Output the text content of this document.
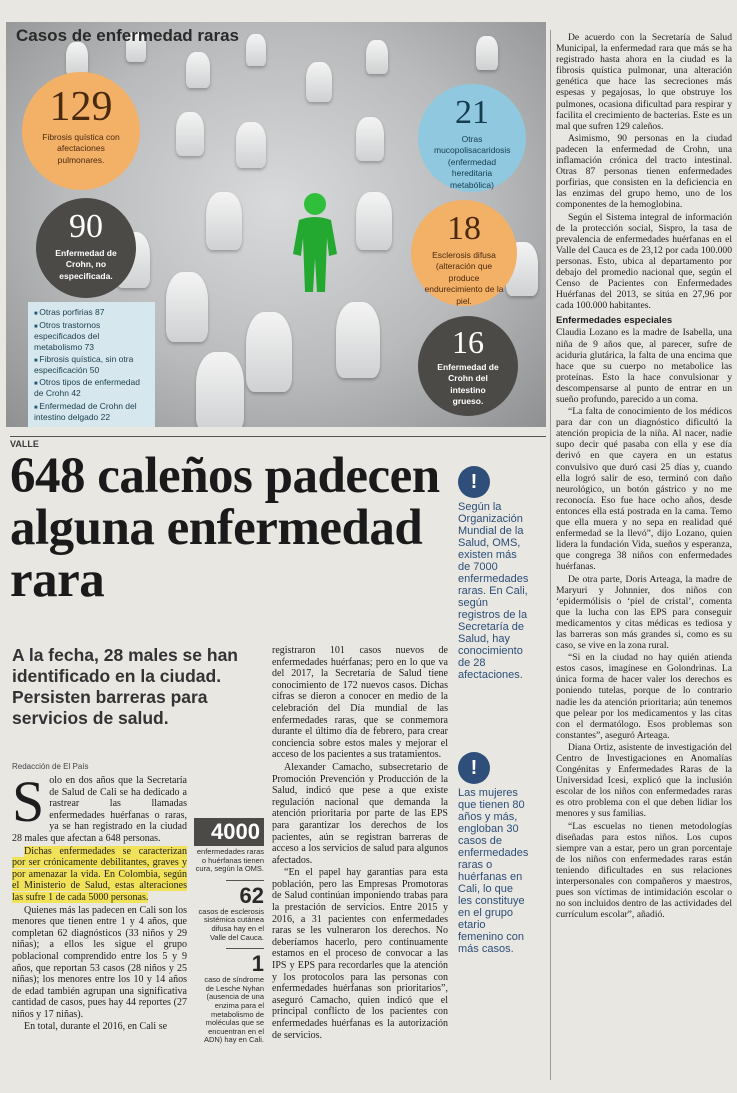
Casos de enfermedad raras
129
Fibrosis quística con afectaciones pulmonares.
21
Otras mucopolisacaridosis (enfermedad hereditaria metabólica)
90
Enfermedad de Crohn, no especificada.
18
Esclerosis difusa (alteración que produce endurecimiento de la piel.
16
Enfermedad de Crohn del intestino grueso.
■ Otras porfirias 87
■ Otros trastornos especificados del metabolismo 73
■ Fibrosis quística, sin otra especificación 50
■ Otros tipos de enfermedad de Crohn 42
■ Enfermedad de Crohn del intestino delgado 22
VALLE
648 caleños padecen alguna enfermedad rara
A la fecha, 28 males se han identificado en la ciudad. Persisten barreras para servicios de salud.
Redacción de El País

Solo en dos años que la Secretaría de Salud de Cali se ha dedicado a rastrear las llamadas enfermedades huérfanas o raras, ya se han registrado en la ciudad 28 males que afectan a 648 personas.

Dichas enfermedades se caracterizan por ser crónicamente debilitantes, graves y por amenazar la vida. En Colombia, según el Ministerio de Salud, estas alteraciones las sufre 1 de cada 5000 personas.

Quienes más las padecen en Cali son los menores que tienen entre 1 y 4 años, que completan 62 diagnósticos (33 niños y 29 niñas); a ellos les sigue el grupo poblacional comprendido entre los 5 y 9 años, que reportan 53 casos (28 niños y 25 niñas); los menores entre los 10 y 14 años de edad también agrupan una significativa cantidad de casos, pues hay 44 reportes (27 niños y 17 niñas).

En total, durante el 2016, en Cali se

4000
enfermedades raras o huérfanas tienen cura, según la OMS.
62
casos de esclerosis sistémica cutánea difusa hay en el Valle del Cauca.
1
caso de síndrome de Lesche Nyhan (ausencia de una enzima para el metabolismo de moléculas que se encuentran en el ADN) hay en Cali.

registraron 101 casos nuevos de enfermedades huérfanas; pero en lo que va del 2017, la Secretaría de Salud tiene conocimiento de 172 nuevos casos. Dichas cifras se dieron a conocer en medio de la celebración del Día mundial de las enfermedades raras, que se conmemora durante el último día de febrero, para crear conciencia sobre estos males y mejorar el acceso de los pacientes a sus tratamientos.

Alexander Camacho, subsecretario de Promoción Prevención y Producción de la Salud, indicó que pese a que existe regulación nacional que demanda la atención prioritaria por parte de las EPS para garantizar los derechos de los pacientes, aún se registran barreras de acceso a los servicios de salud para algunos afectados.

“En el papel hay garantías para esta población, pero las Empresas Promotoras de Salud continúan imponiendo trabas para la prestación de servicios. Entre 2015 y 2016, a 31 pacientes con enfermedades raras se les vulneraron los derechos. No deberíamos hacerlo, pero continuamente estamos en el proceso de convocar a las IPS y EPS para recordarles que la atención y los protocolos para las personas con enfermedades huérfanas son prioritarios”, aseguró Camacho, quien indicó que el principal conflicto de los pacientes con enfermedades huérfanas es la autorización de servicios.

!
Según la Organización Mundial de la Salud, OMS, existen más de 7000 enfermedades raras. En Cali, según registros de la Secretaría de Salud, hay conocimiento de 28 afectaciones.
!
Las mujeres que tienen 80 años y más, engloban 30 casos de enfermedades raras o huérfanas en Cali, lo que les constituye en el grupo etario femenino con más casos.

De acuerdo con la Secretaría de Salud Municipal, la enfermedad rara que más se ha registrado hasta ahora en la ciudad es la fibrosis quística pulmonar, una alteración genética que hace las secreciones más espesas y pegajosas, lo que obstruye los pulmones, ocasiona dificultad para respirar y facilita el crecimiento de bacterias. Este es un mal que sufren 129 caleños.

Asimismo, 90 personas en la ciudad padecen la enfermedad de Crohn, una inflamación crónica del tracto intestinal. Otras 87 personas tienen enfermedades porfirias, que consisten en la deficiencia en las enzimas del grupo hemo, uno de los componentes de la hemoglobina.

Según el Sistema integral de información de la protección social, Sispro, la tasa de prevalencia de enfermedades huérfanas en el Valle del Cauca es de 23,12 por cada 100.000 personas. Esto, ubica al departamento por debajo del promedio nacional que, según el Censo de Pacientes con Enfermedades Huérfanas del 2013, se sitúa en 27,96 por cada 100.000 habitantes.

Enfermedades especiales

Claudia Lozano es la madre de Isabella, una niña de 9 años que, al parecer, sufre de aciduria glutárica, la falta de una encima que hace que su cuerpo no metabolice las proteínas. Esto la hace convulsionar y descompensarse al punto de entrar en un sueño profundo, parecido a un coma.

“La falta de conocimiento de los médicos para dar con un diagnóstico dificultó la atención propicia de la niña. Al nacer, nadie supo decir qué pasaba con ella y ese día derivó en que cayera en un estatus convulsivo que duró casi 25 días y, cuando ella logró salir de eso, terminó con daño neurológico, un botón gástrico y no me reconocía. Eso fue hace ocho años, desde entonces ella está postrada en la cama. Temo que ella muera y no sepa en realidad qué enfermedad se la llevó”, dijo Lozano, quien lidera la fundación Vida, sueños y esperanza, que congrega 38 niños con enfermedades huérfanas.

De otra parte, Doris Arteaga, la madre de Maryuri y Johnnier, dos niños con ‘epidermólisis o ‘piel de cristal’, comenta que la lucha con las EPS para conseguir medicamentos y citas médicas es tediosa y las barreras son más grandes si, como es su caso, se vive en la zona rural.

“Si en la ciudad no hay quién atienda estos casos, imagínese en Golondrinas. La única forma de hacer valer los derechos es poniendo tutelas, porque de lo contrario nadie les da atención prioritaria; aún tenemos que pelear por los medicamentos y las citas con el dermatólogo. Esos problemas son constantes”, aseguró Arteaga.

Diana Ortiz, asistente de investigación del Centro de Investigaciones en Anomalías Congénitas y Enfermedades Raras de la Universidad Icesi, explicó que la inclusión escolar de los niños con enfermedades raras es otro problema con el que deben lidiar los menores y sus familias.

“Las escuelas no tienen metodologías diseñadas para estos niños. Los cupos siempre van a estar, pero un gran porcentaje de los niños con enfermedades raras están teniendo dificultades en sus relaciones interpersonales con compañeros y maestros, pues son víctimas de intimidación escolar o no son incluidos dentro de las actividades del currículum escolar”, añadió.
